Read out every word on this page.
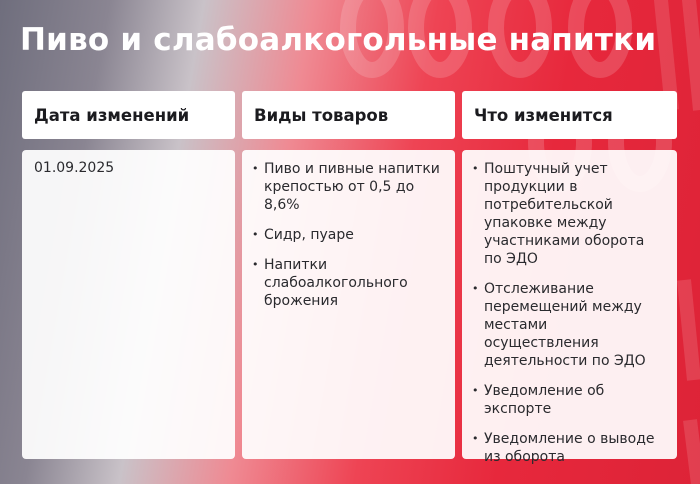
Пиво и слабоалкогольные напитки
Дата изменений	Виды товаров	Что изменится
01.09.2025
•	Пиво и пивные напитки крепостью от 0,5 до 8,6%
• Сидр, пуаре
• Напитки слабоалкогольного брожения
• Поштучный учет продукции в потребительской упаковке между участниками оборота по ЭДО
• Отслеживание перемещений между местами осуществления деятельности по ЭДО
• Уведомление об экспорте
• Уведомление о выводе из оборота
